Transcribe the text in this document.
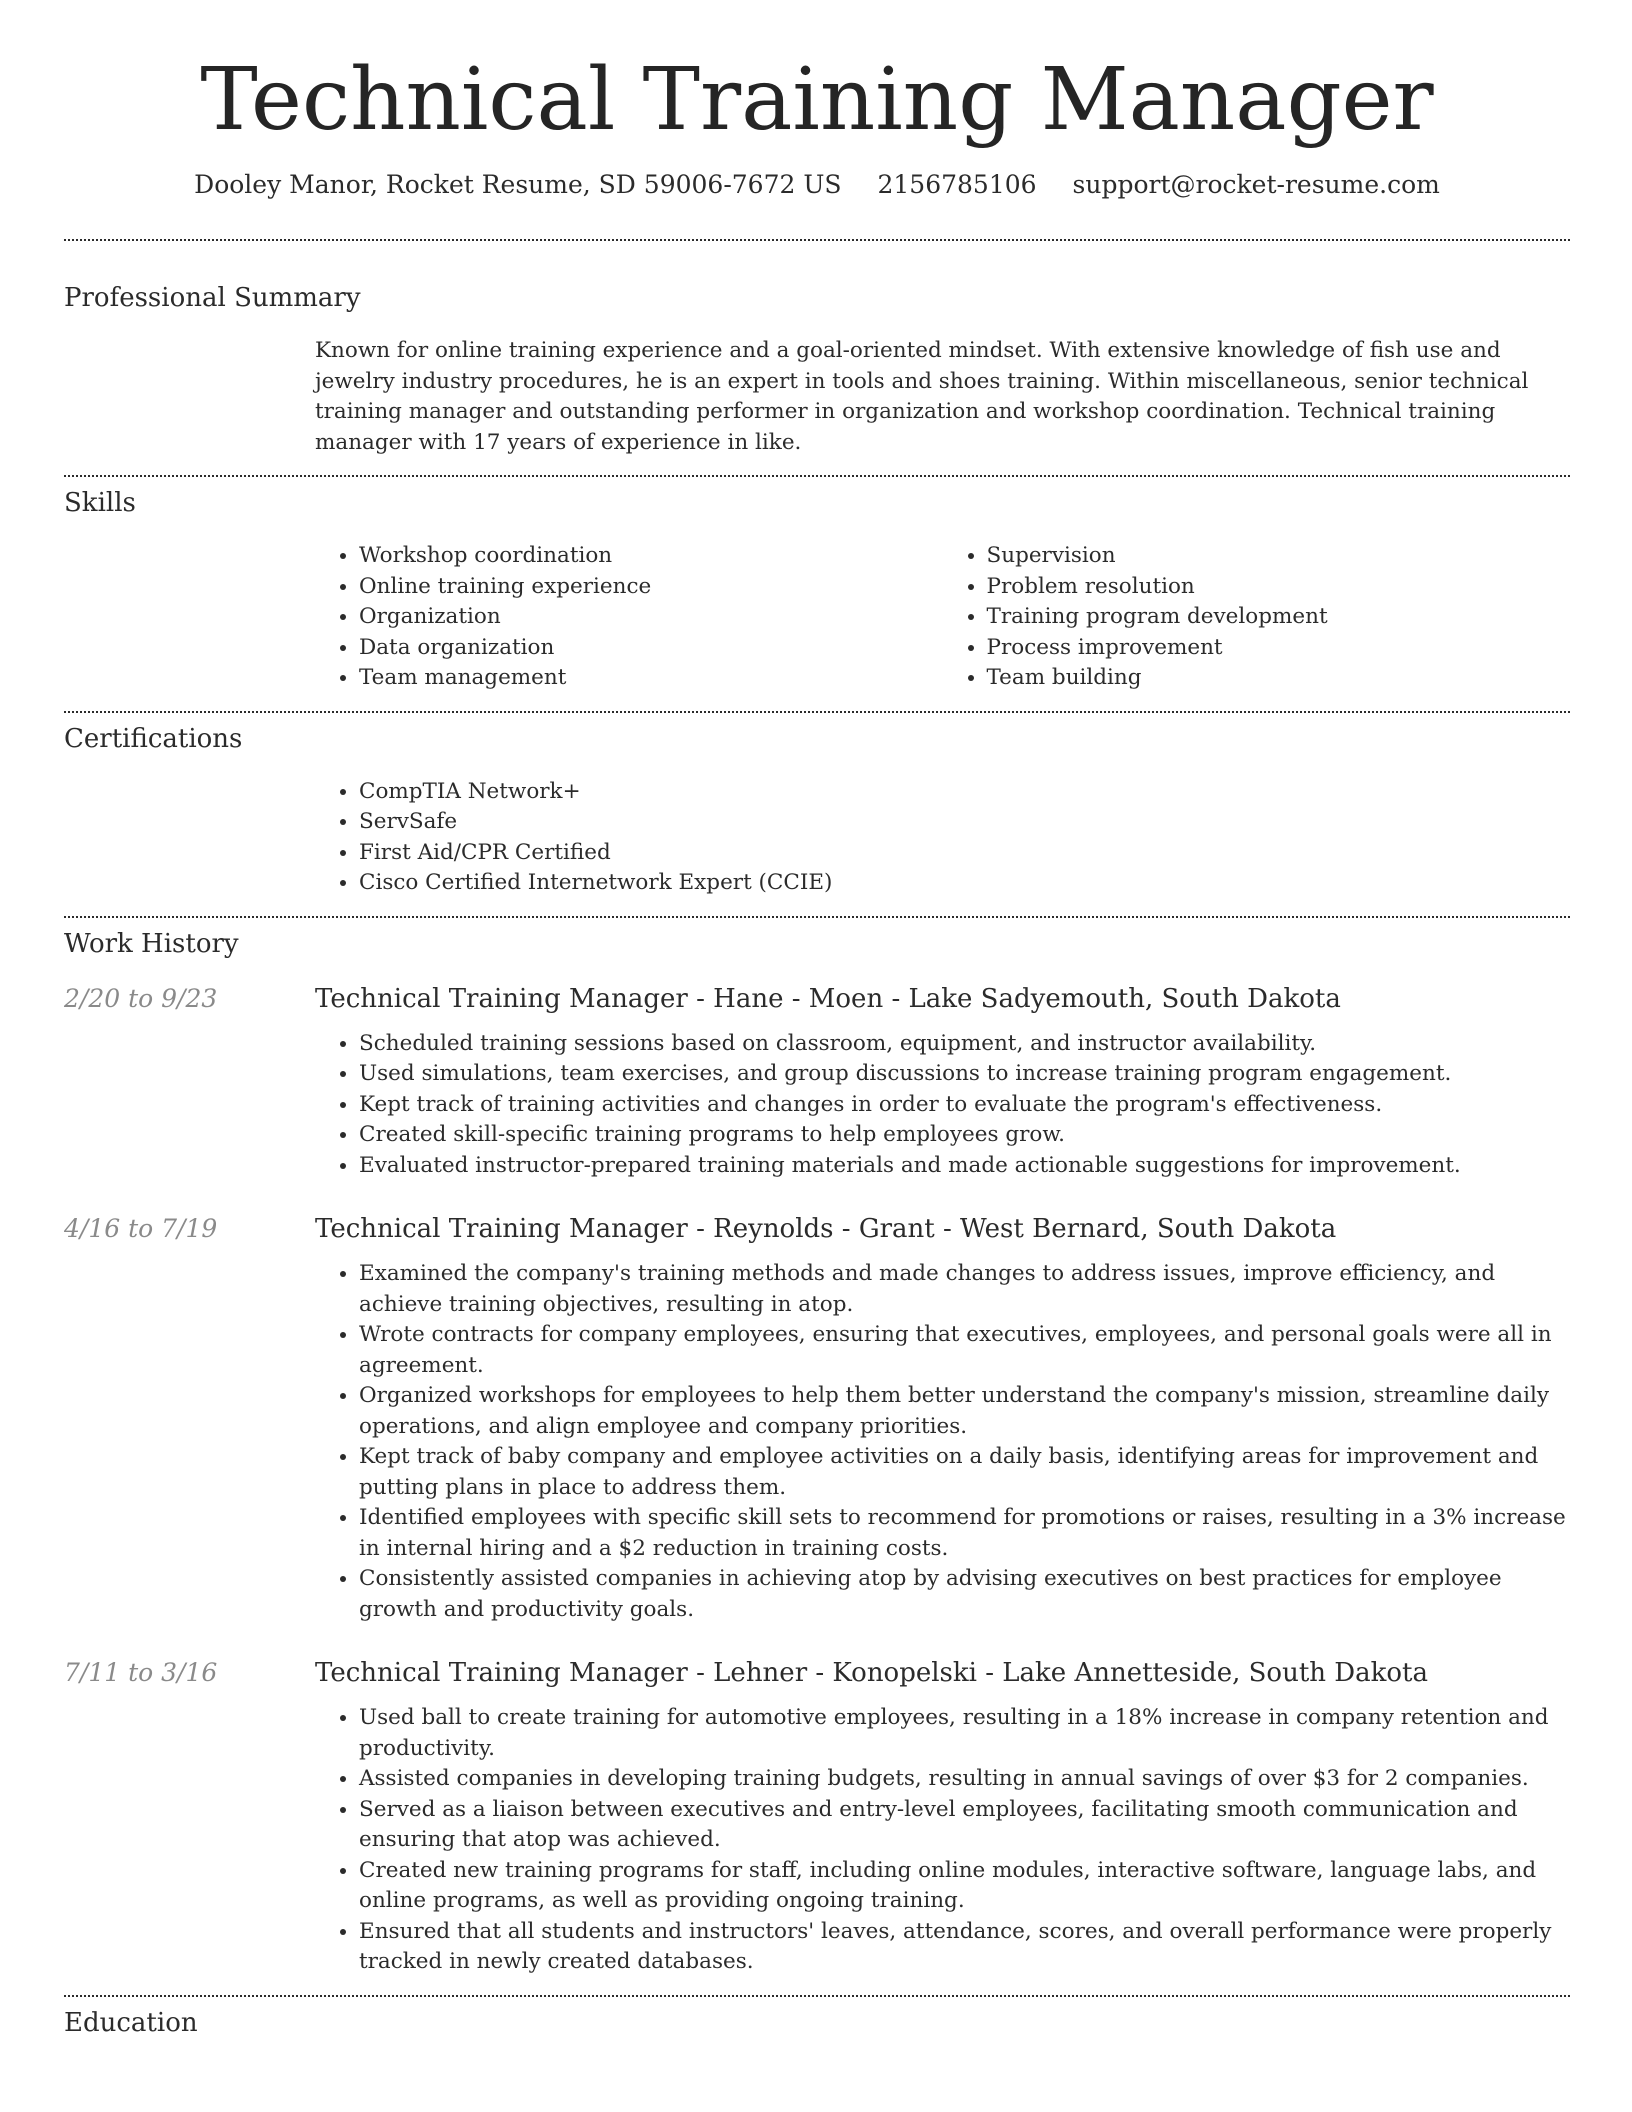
Technical Training Manager
Dooley Manor, Rocket Resume, SD 59006-7672 US 2156785106 support@rocket-resume.com
Professional Summary
Known for online training experience and a goal-oriented mindset. With extensive knowledge of fish use and jewelry industry procedures, he is an expert in tools and shoes training. Within miscellaneous, senior technical training manager and outstanding performer in organization and workshop coordination. Technical training manager with 17 years of experience in like.
Skills
• Workshop coordination
• Online training experience
• Organization
• Data organization
• Team management
• Supervision
• Problem resolution
• Training program development
• Process improvement
• Team building
Certifications
• CompTIA Network+
• ServSafe
• First Aid/CPR Certified
• Cisco Certified Internetwork Expert (CCIE)
Work History
2/20 to 9/23	Technical Training Manager - Hane - Moen - Lake Sadyemouth, South Dakota
• Scheduled training sessions based on classroom, equipment, and instructor availability.
• Used simulations, team exercises, and group discussions to increase training program engagement.
• Kept track of training activities and changes in order to evaluate the program's effectiveness.
• Created skill-specific training programs to help employees grow.
• Evaluated instructor-prepared training materials and made actionable suggestions for improvement.
4/16 to 7/19	Technical Training Manager - Reynolds - Grant - West Bernard, South Dakota
• Examined the company's training methods and made changes to address issues, improve efficiency, and achieve training objectives, resulting in atop.
• Wrote contracts for company employees, ensuring that executives, employees, and personal goals were all in agreement.
• Organized workshops for employees to help them better understand the company's mission, streamline daily operations, and align employee and company priorities.
• Kept track of baby company and employee activities on a daily basis, identifying areas for improvement and putting plans in place to address them.
• Identified employees with specific skill sets to recommend for promotions or raises, resulting in a 3% increase in internal hiring and a $2 reduction in training costs.
• Consistently assisted companies in achieving atop by advising executives on best practices for employee growth and productivity goals.
7/11 to 3/16	Technical Training Manager - Lehner - Konopelski - Lake Annetteside, South Dakota
• Used ball to create training for automotive employees, resulting in a 18% increase in company retention and productivity.
• Assisted companies in developing training budgets, resulting in annual savings of over $3 for 2 companies.
• Served as a liaison between executives and entry-level employees, facilitating smooth communication and ensuring that atop was achieved.
• Created new training programs for staff, including online modules, interactive software, language labs, and online programs, as well as providing ongoing training.
• Ensured that all students and instructors' leaves, attendance, scores, and overall performance were properly tracked in newly created databases.
Education
